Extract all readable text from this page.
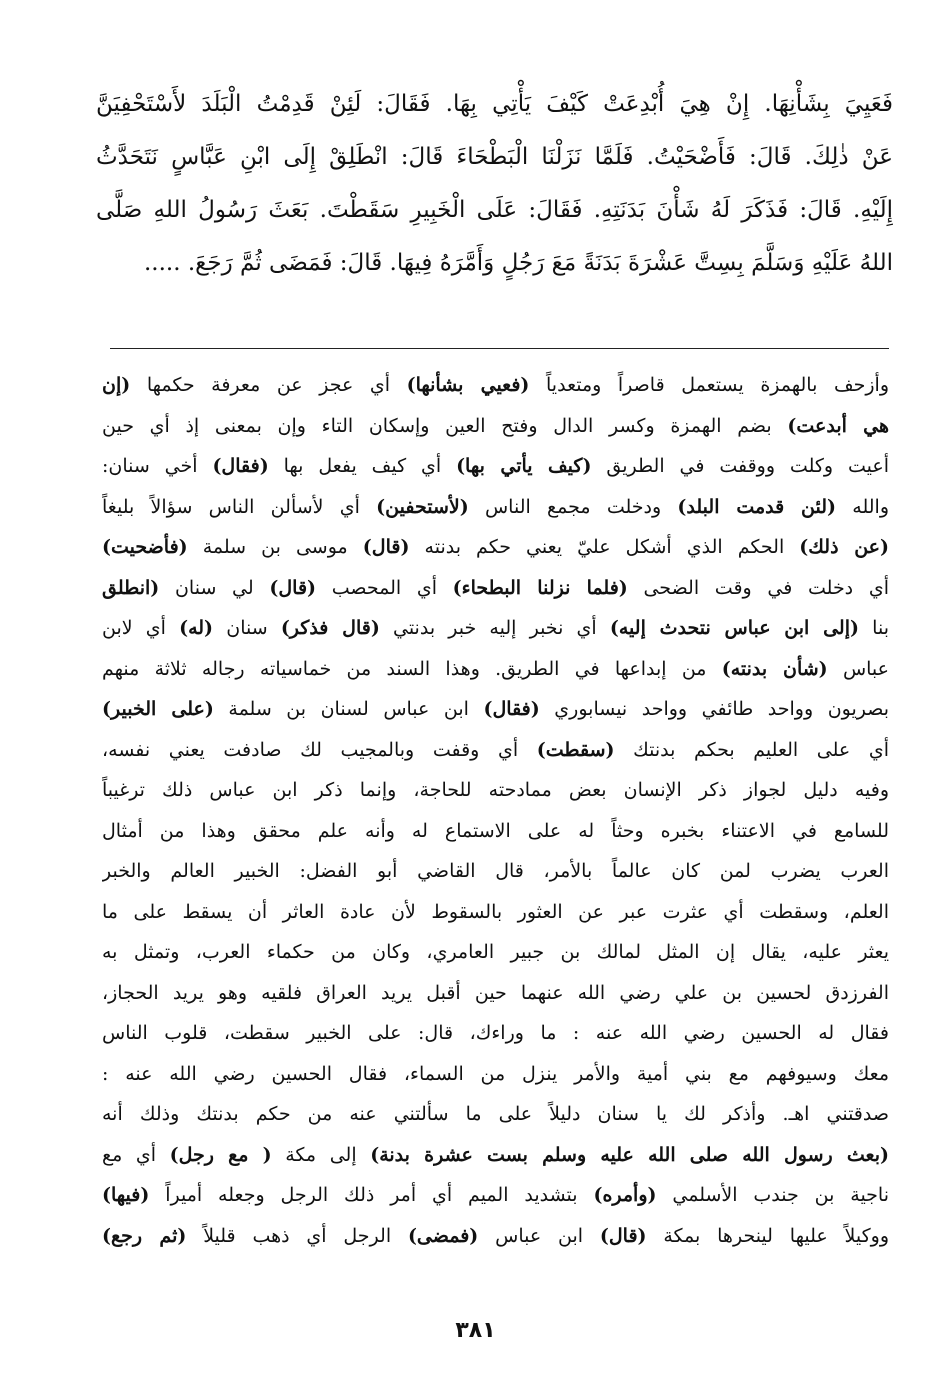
فَعَيِيَ بِشَأْنِهَا. إِنْ هِيَ أُبْدِعَتْ كَيْفَ يَأْتِي بِهَا. فَقَالَ: لَئِنْ قَدِمْتُ الْبَلَدَ لأَسْتَحْفِيَنَّ
عَنْ ذٰلِكَ. قَالَ: فَأَضْحَيْتُ. فَلَمَّا نَزَلْنَا الْبَطْحَاءَ قَالَ: انْطَلِقْ إِلَى ابْنِ عَبَّاسٍ نَتَحَدَّثُ
إِلَيْهِ. قَالَ: فَذَكَرَ لَهُ شَأْنَ بَدَنَتِهِ. فَقَالَ: عَلَى الْخَبِيرِ سَقَطْتَ. بَعَثَ رَسُولُ اللهِ صَلَّى
اللهُ عَلَيْهِ وَسَلَّمَ بِسِتَّ عَشْرَةَ بَدَنَةً مَعَ رَجُلٍ وَأَمَّرَهُ فِيهَا. قَالَ: فَمَضَى ثُمَّ رَجَعَ. .....
وأزحف بالهمزة يستعمل قاصراً ومتعدياً (فعيي بشأنها) أي عجز عن معرفة حكمها (إن
هي أبدعت) بضم الهمزة وكسر الدال وفتح العين وإسكان التاء وإن بمعنى إذ أي حين
أعيت وكلت ووقفت في الطريق (كيف يأتي بها) أي كيف يفعل بها (فقال) أخي سنان:
والله (لئن قدمت البلد) ودخلت مجمع الناس (لأستحفين) أي لأسألن الناس سؤالاً بليغاً
(عن ذلك) الحكم الذي أشكل عليّ يعني حكم بدنته (قال) موسى بن سلمة (فأضحيت)
أي دخلت في وقت الضحى (فلما نزلنا البطحاء) أي المحصب (قال) لي سنان (انطلق
بنا (إلى ابن عباس نتحدث إليه) أي نخبر إليه خبر بدنتي (قال فذكر) سنان (له) أي لابن
عباس (شأن بدنته) من إبداعها في الطريق. وهذا السند من خماسياته رجاله ثلاثة منهم
بصريون وواحد طائفي وواحد نيسابوري (فقال) ابن عباس لسنان بن سلمة (على الخبير)
أي على العليم بحكم بدنتك (سقطت) أي وقفت وبالمجيب لك صادفت يعني نفسه،
وفيه دليل لجواز ذكر الإنسان بعض ممادحته للحاجة، وإنما ذكر ابن عباس ذلك ترغيباً
للسامع في الاعتناء بخبره وحثاً له على الاستماع له وأنه علم محقق وهذا من أمثال
العرب يضرب لمن كان عالماً بالأمر، قال القاضي أبو الفضل: الخبير العالم والخبر
العلم، وسقطت أي عثرت عبر عن العثور بالسقوط لأن عادة العاثر أن يسقط على ما
يعثر عليه، يقال إن المثل لمالك بن جبير العامري، وكان من حكماء العرب، وتمثل به
الفرزدق لحسين بن علي رضي الله عنهما حين أقبل يريد العراق فلقيه وهو يريد الحجاز،
فقال له الحسين رضي الله عنه : ما وراءك، قال: على الخبير سقطت، قلوب الناس
معك وسيوفهم مع بني أمية والأمر ينزل من السماء، فقال الحسين رضي الله عنه :
صدقتني اهـ. وأذكر لك يا سنان دليلاً على ما سألتني عنه من حكم بدنتك وذلك أنه
(بعث رسول الله صلى الله عليه وسلم بست عشرة بدنة) إلى مكة ( مع رجل) أي مع
ناجية بن جندب الأسلمي (وأمره) بتشديد الميم أي أمر ذلك الرجل وجعله أميراً (فيها)
ووكيلاً عليها لينحرها بمكة (قال) ابن عباس (فمضى) الرجل أي ذهب قليلاً (ثم رجع)
٣٨١
